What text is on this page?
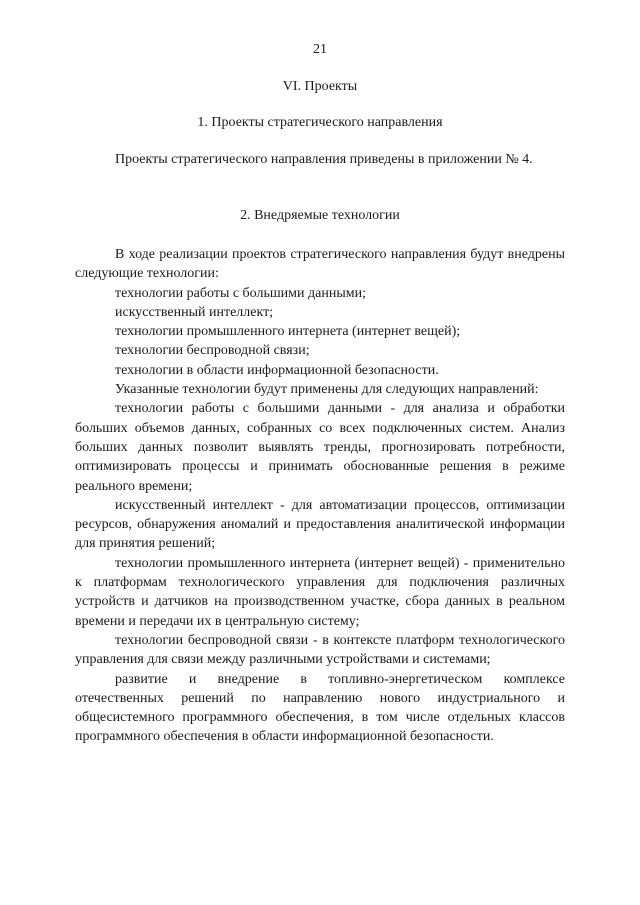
21
VI. Проекты
1. Проекты стратегического направления

Проекты стратегического направления приведены в приложении № 4.

2. Внедряемые технологии

В ходе реализации проектов стратегического направления будут внедрены следующие технологии:

технологии работы с большими данными;

искусственный интеллект;

технологии промышленного интернета (интернет вещей);

технологии беспроводной связи;

технологии в области информационной безопасности.

Указанные технологии будут применены для следующих направлений:

технологии работы с большими данными - для анализа и обработки больших объемов данных, собранных со всех подключенных систем. Анализ больших данных позволит выявлять тренды, прогнозировать потребности, оптимизировать процессы и принимать обоснованные решения в режиме реального времени;

искусственный интеллект - для автоматизации процессов, оптимизации ресурсов, обнаружения аномалий и предоставления аналитической информации для принятия решений;

технологии промышленного интернета (интернет вещей) - применительно к платформам технологического управления для подключения различных устройств и датчиков на производственном участке, сбора данных в реальном времени и передачи их в центральную систему;

технологии беспроводной связи - в контексте платформ технологического управления для связи между различными устройствами и системами;

развитие и внедрение в топливно-энергетическом комплексе отечественных решений по направлению нового индустриального и общесистемного программного обеспечения, в том числе отдельных классов программного обеспечения в области информационной безопасности.
